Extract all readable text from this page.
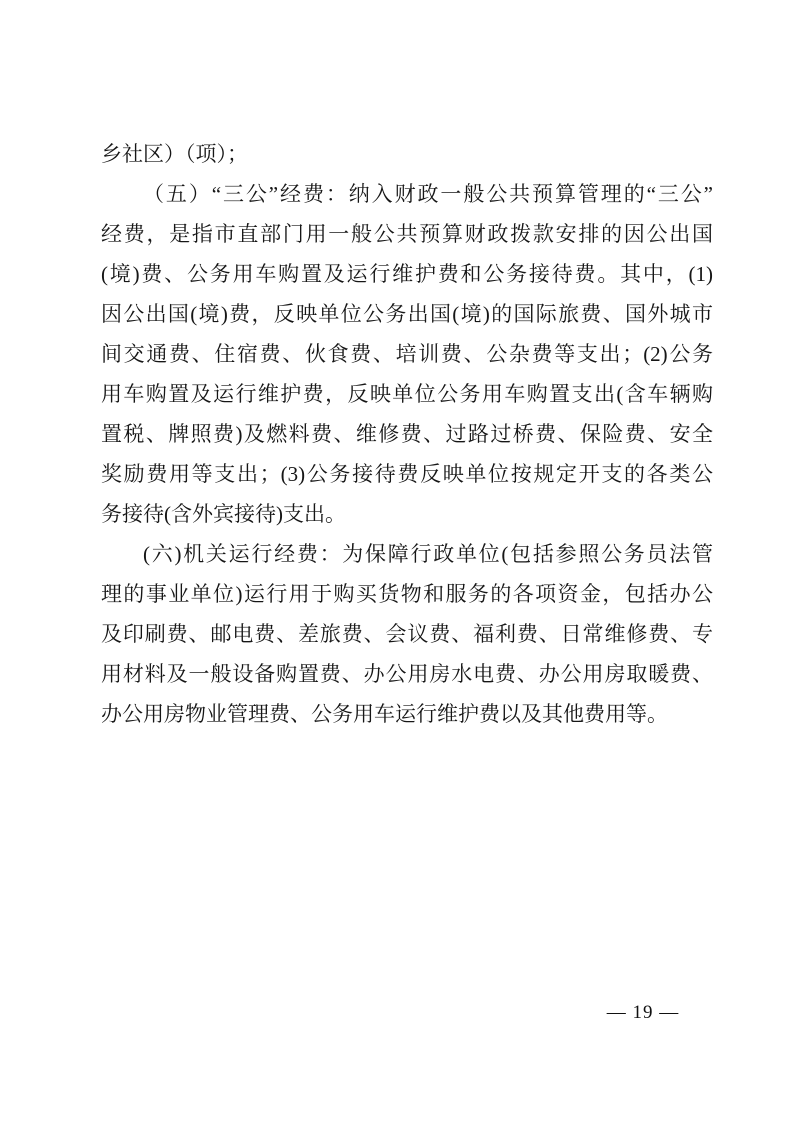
乡社区）（项）；
（五）“三公”经费：纳入财政一般公共预算管理的“三公”
经费，是指市直部门用一般公共预算财政拨款安排的因公出国
(境)费、公务用车购置及运行维护费和公务接待费。其中，(1)
因公出国(境)费，反映单位公务出国(境)的国际旅费、国外城市
间交通费、住宿费、伙食费、培训费、公杂费等支出；(2)公务
用车购置及运行维护费，反映单位公务用车购置支出(含车辆购
置税、牌照费)及燃料费、维修费、过路过桥费、保险费、安全
奖励费用等支出；(3)公务接待费反映单位按规定开支的各类公
务接待(含外宾接待)支出。
(六)机关运行经费：为保障行政单位(包括参照公务员法管
理的事业单位)运行用于购买货物和服务的各项资金，包括办公
及印刷费、邮电费、差旅费、会议费、福利费、日常维修费、专
用材料及一般设备购置费、办公用房水电费、办公用房取暖费、
办公用房物业管理费、公务用车运行维护费以及其他费用等。
— 19 —
